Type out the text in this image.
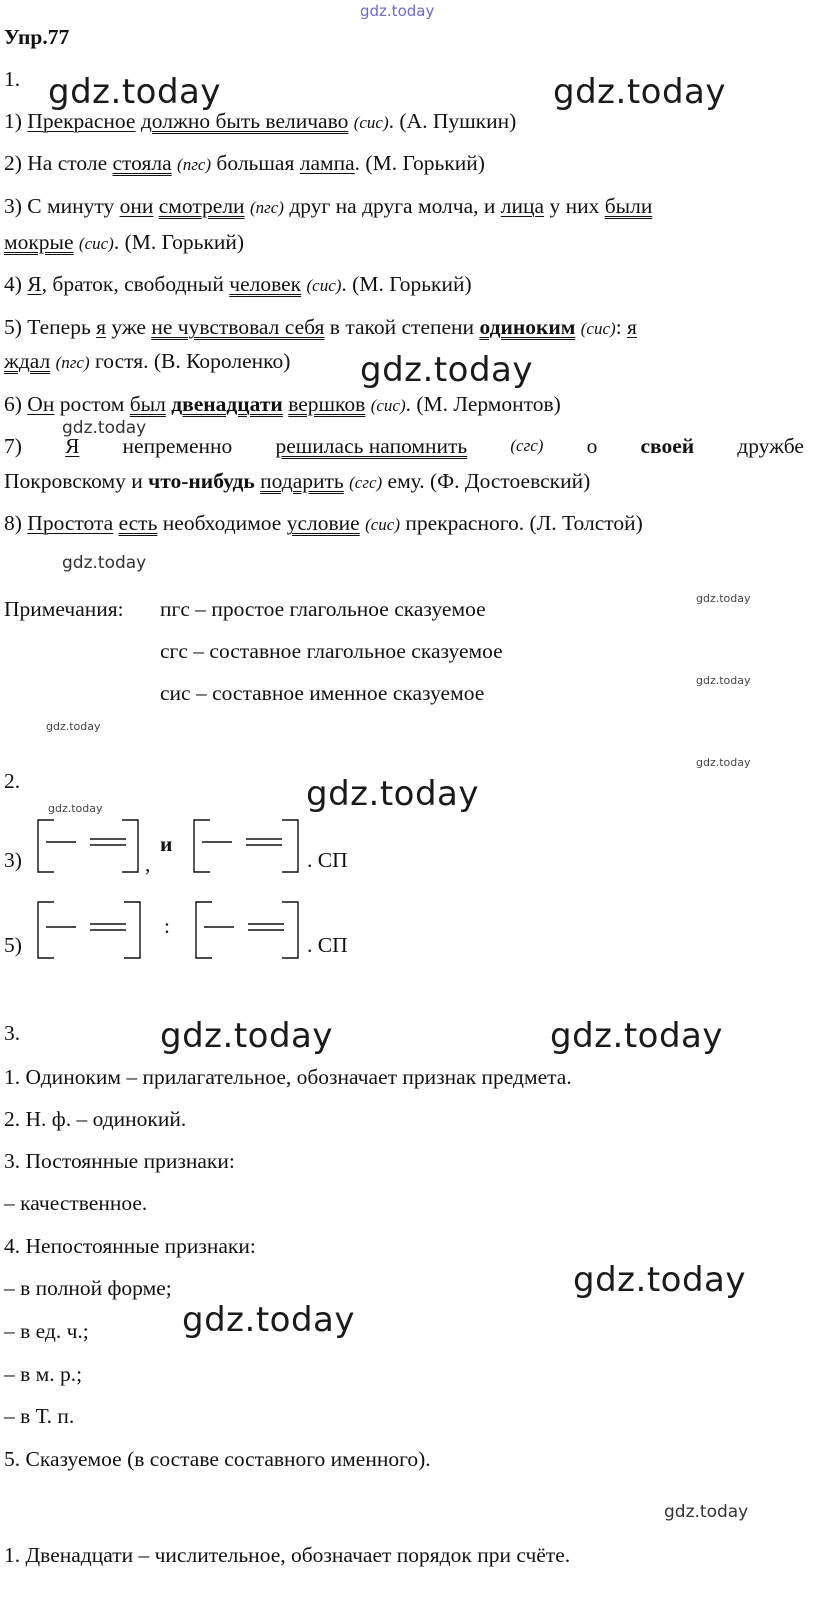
gdz.today
gdz.today	gdz.today
gdz.today
gdz.today
gdz.today
gdz.today
gdz.today
gdz.today
gdz.today
gdz.today	gdz.today
gdz.today	gdz.today
gdz.today
gdz.today
gdz.today
Упр.77
1.
1) Прекрасное должно быть величаво (сис). (А. Пушкин)
2) На столе стояла (пгс) большая лампа. (М. Горький)
3) С минуту они смотрели (пгс) друг на друга молча, и лица у них были
мокрые (сис). (М. Горький)
4) Я, браток, свободный человек (сис). (М. Горький)
5) Теперь я уже не чувствовал себя в такой степени одиноким (сис): я
ждал (пгс) гостя. (В. Короленко)
6) Он ростом был двенадцати вершков (сис). (М. Лермонтов)
7) Я непременно решилась напомнить	(сгс) о своей дружбе
Покровскому и что-нибудь подарить (сгс) ему. (Ф. Достоевский)
8) Простота есть необходимое условие (сис) прекрасного. (Л. Толстой)
Примечания: пгс – простое глагольное сказуемое
сгс – составное глагольное сказуемое
сис – составное именное сказуемое
2.
3)	,
и
. СП
5)
:
. СП
3.
1. Одиноким – прилагательное, обозначает признак предмета.
2. Н. ф. – одинокий.
3. Постоянные признаки:
– качественное.
4. Непостоянные признаки:
– в полной форме;
– в ед. ч.;
– в м. р.;
– в Т. п.
5. Сказуемое (в составе составного именного).
1. Двенадцати – числительное, обозначает порядок при счёте.
